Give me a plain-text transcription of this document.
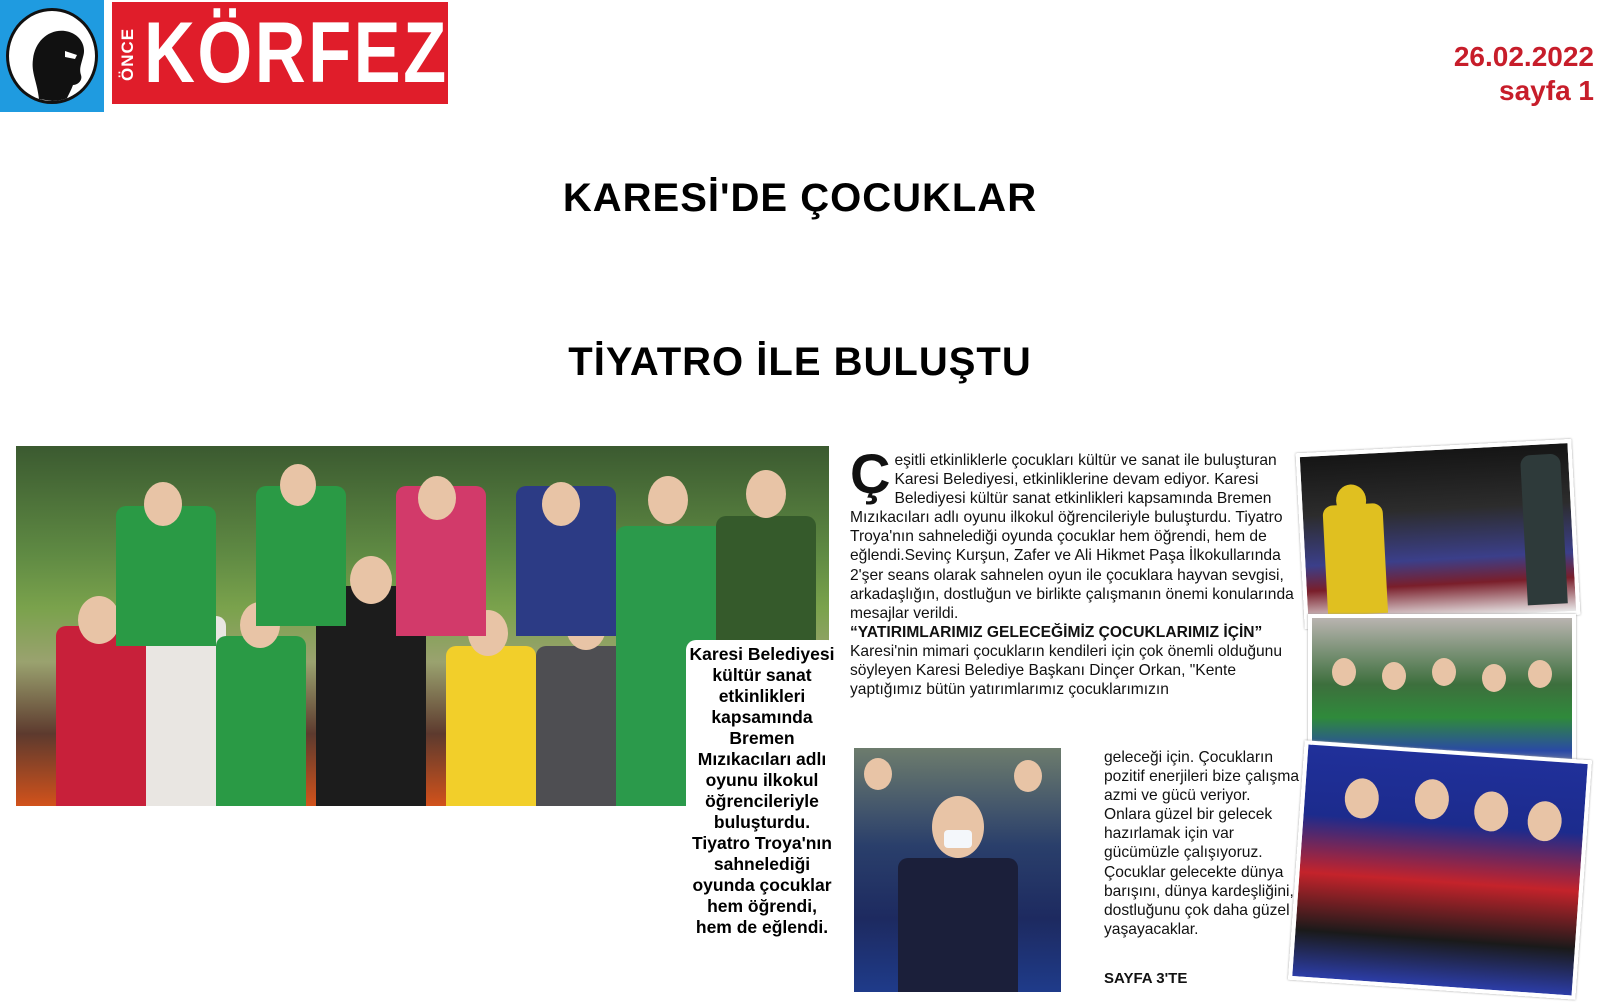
ÖNCE KÖRFEZ	26.02.2022
sayfa 1
KARESİ'DE ÇOCUKLAR
TİYATRO İLE BULUŞTU
Karesi Belediyesi kültür sanat etkinlikleri kapsamında Bremen Mızıkacıları adlı oyunu ilkokul öğrencileriyle buluşturdu. Tiyatro Troya'nın sahnelediği oyunda çocuklar hem öğrendi, hem de eğlendi.
Ç eşitli etkinliklerle çocukları kültür ve sanat ile buluşturan Karesi Belediyesi, etkinliklerine devam ediyor. Karesi Belediyesi kültür sanat etkinlikleri kapsamında Bremen Mızıkacıları adlı oyunu ilkokul öğrencileriyle buluşturdu. Tiyatro Troya'nın sahnelediği oyunda çocuklar hem öğrendi, hem de eğlendi.Sevinç Kurşun, Zafer ve Ali Hikmet Paşa İlkokullarında 2'şer seans olarak sahnelen oyun ile çocuklara hayvan sevgisi, arkadaşlığın, dostluğun ve birlikte çalışmanın önemi konularında mesajlar verildi.

“YATIRIMLARIMIZ GELECEĞİMİZ ÇOCUKLARIMIZ İÇİN”

Karesi'nin mimari çocukların kendileri için çok önemli olduğunu söyleyen Karesi Belediye Başkanı Dinçer Orkan, "Kente yaptığımız bütün yatırımlarımız çocuklarımızın

geleceği için. Çocukların pozitif enerjileri bize çalışma azmi ve gücü veriyor. Onlara güzel bir gelecek hazırlamak için var gücümüzle çalışıyoruz. Çocuklar gelecekte dünya barışını, dünya kardeşliğini, dostluğunu çok daha güzel yaşayacaklar.
SAYFA 3'TE
